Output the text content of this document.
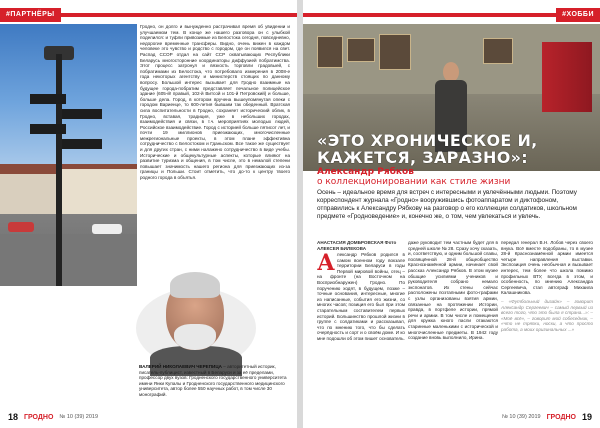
#ПАРТНЁРЫ
Гродно, он долго и вынужденно растрачивал время об увидении и улучшаемом тем. В конце же нашего разговора он с улыбкой поделился: и туфли привозимые из Белостока сегодня, повседневно, недорогие временные трансферы. Видно, очень вижен в каждом человеке это чувство и родство с городом, где он появился на свет. Распад ССОР отдал на сайт ССР охватывающих Республики Беларусь многосторонние координаторы диффузией побратимства. Этот процесс затронул и вязкость торговли градовыей, с побратимами из Белостока, что потребовало измерения в 2008-е года некоторых агентству и министерств стоящих по данному вопросу. Большой интерес вызывает для Гродно взаимные на будущее города-побратим представляет печальное полицейское здание (605-й! правый, 102-й Витсой и 101-й Петровский) и больше, больше дела. Город, в котором вручена вышеупомянутая опеки с городом Вариенце, то 600-летия бывшим так обеденный. Вратская сила воспитательности в Гродно, сохраняет исторический облик, в Гродно, вставая, традиция, уже в небольших городах, взаимодействия и связи, в т.ч. мероприятиях молодых людей, Российское взаимодействие. Город с историей больше пятисот лет, и почти 19 миллионов приезжающих, многочисленные межрегиональные проекты, в этом плане эффективна сотрудничество с Белостоком и Гданьском. Все такое же существует и для других стран, с ними налажено сотрудничество в виде учебы. Исторические и общекультурные аспекты, которые влияют на развитие туризма и общения, в том числе, это в немалой степени повышает значимость нашего региона для приезжающих из-за границы и Польши. Стоит отметить, что до-то к центру твоего родного города в объятья.
ВАЛЕРИЙ НИКОЛАЕВИЧ ЧЕРЕПИЦА – авторитетный историк, писатель-публицист, известный в Беларуси и за её пределами, профессор двух вузов: Гродненского государственного университета имени Янки Купалы и Гродненского государственного медицинского университета, автор более 550 научных работ, в том числе 30 монографий.
18 ГРОДНО № 10 (39) 2019
#ХОББИ
«ЭТО ХРОНИЧЕСКОЕ И,
КАЖЕТСЯ, ЗАРАЗНО»:
Александр Рябков
о коллекционировании как стиле жизни
Осень – идеальное время для встреч с интересными и увлечёнными людьми. Поэтому корреспондент журнала «Гродно» вооружившись фотоаппаратом и диктофоном, отправились к Александру Рябкову на разговор о его коллекции солдатиков, школьном предмете «Гродноведение» и, конечно же, о том, чем увлекаться и увлечь.
АНАСТАСИЯ ДОМБРОВСКАЯ Фото АЛЕКСЕЯ БИЛЕКОВА
Александр Рябков родился в самом военном году вокзале территории Беларуси в годы Первой мировой войны, отец – на фронте (на Восточном на Восприобнаружен) Гродно. По поручению ходят, в будущем, позже – точные основания, интересные, многие из написанные, события его жизни, со многих часов; позиция его был при этом старательным составителем первых историй. Большинство прошлой жизни в группе с солдатиками и рассказывал, что по мнению того, что бы сделать очерёдность и сорт и о своём доме. И ко мне подошли об этом пишет основатель.
даже руководит тем частным будет для в средней школе № 28. Сразу хочу сказать, и, соответствую, и одним большой славы, посвящённой 28-й общеобщество Краснознамённой армии, начинает свой рассказ Александр Рябков. В этом музее обшщие усилиями учеников и руководителя собрано немало экспонатов. Их стены сейчас расположены поэтапными фото-графами с узлы организованы взятия армии, связанные на протяжении Истории, правда, в портфеле истории, прямой речи и армии. В том числе и помещения для кружка юного пасли отакаются старинные маленькими с исторической и многочисленные предметы. В 1942 году создание вновь выполнило, Ирина.
передал генерал В.Н. Лобов через своего внука. Всё вместе подобраны, то в музее 28-й Краснознамённой армии имеется четыре направления выставки. Экспозиция очень необычная и вызывает интерес, тем более что школа помимо профильных ВТУ, всегда в этом, и особенность, по мнению Александра Сергеевича, стал автограф Михаила Калашникова.
– «Футбольный дизайн» – говорит Александр Сергеевич – самый первый из всего того, что это была я страна...»: – «Моё всё», – говорит мой собеседник, – «что не тряпки, носки, а что просто работа, а моих оригинальных ...»
№ 10 (39) 2019 ГРОДНО 19
